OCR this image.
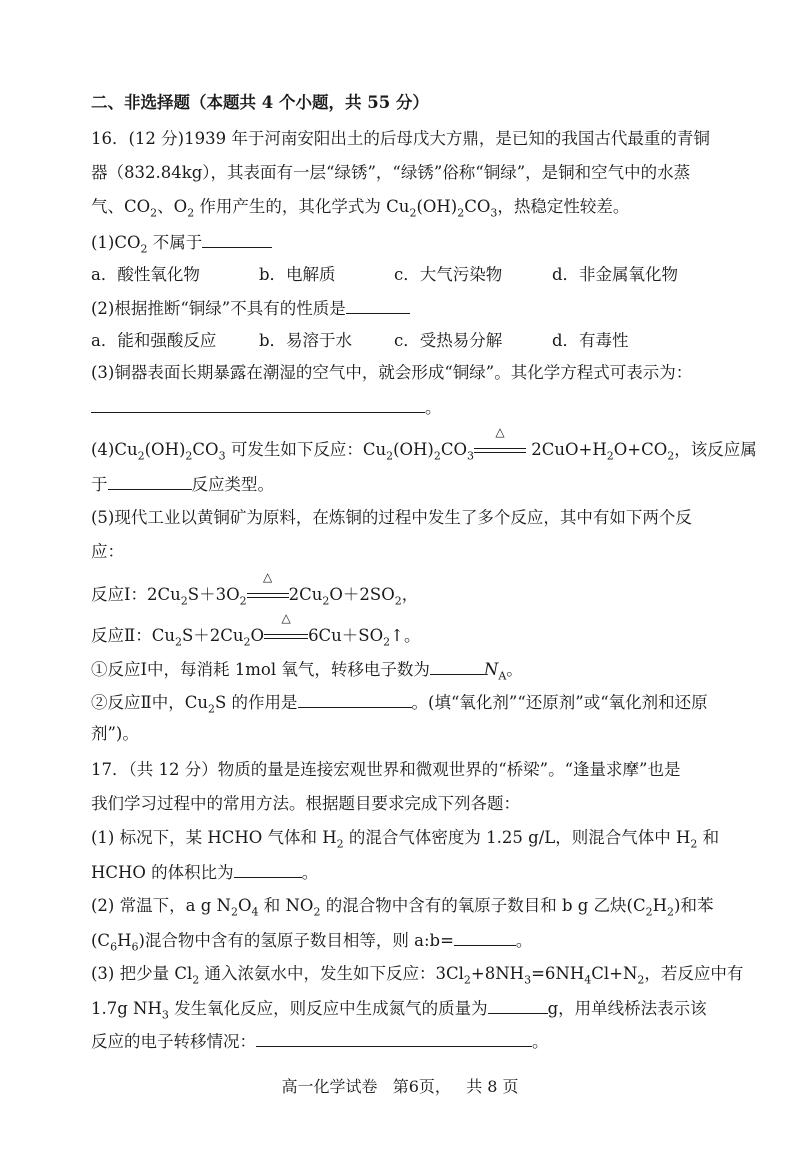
二、非选择题（本题共 4 个小题，共 55 分）
16．(12 分)1939 年于河南安阳出土的后母戊大方鼎，是已知的我国古代最重的青铜
器（832.84kg），其表面有一层“绿锈”，“绿锈”俗称“铜绿”，是铜和空气中的水蒸
气、$CO_2$、$O_2$ 作用产生的，其化学式为 $Cu_2(OH)_2CO_3$，热稳定性较差。
$(1)CO_2$ 不属于
a．酸性氧化物	b．电解质	c．大气污染物	d．非金属氧化物
(2)根据推断“铜绿”不具有的性质是
a．能和强酸反应	b．易溶于水	c．受热易分解	d．有毒性
(3)铜器表面长期暴露在潮湿的空气中，就会形成“铜绿”。其化学方程式可表示为：
。
$(4)Cu_2(OH)_2CO_3$ 可发生如下反应：$Cu_2(OH)_2CO_3$
△
$2CuO+H_2O+CO_2$，该反应属
于	反应类型。
(5)现代工业以黄铜矿为原料，在炼铜的过程中发生了多个反应，其中有如下两个反
应：
反应Ⅰ：$2Cu_2S+3O_2$
△
$2Cu_2O+2SO_2$，
反应Ⅱ：$Cu_2S+2Cu_2O$
△
$6Cu+SO_2↑$。
①反应Ⅰ中，每消耗 1mol 氧气，转移电子数为	$N_A$。
②反应Ⅱ中，$Cu_2S$ 的作用是	。(填“氧化剂”“还原剂”或“氧化剂和还原
剂”)。
17．（共 12 分）物质的量是连接宏观世界和微观世界的“桥梁”。“逢量求摩”也是
我们学习过程中的常用方法。根据题目要求完成下列各题：
(1) 标况下，某 HCHO 气体和 $H_2$ 的混合气体密度为 1.25 g/L，则混合气体中 $H_2$ 和
HCHO 的体积比为	。
(2) 常温下，a g $N_2O_4$ 和 $NO_2$ 的混合物中含有的氧原子数目和 b g 乙炔$(C_2H_2)$和苯
$(C_6H_6)$混合物中含有的氢原子数目相等，则 a:b=	。
(3) 把少量 $Cl_2$ 通入浓氨水中，发生如下反应：$3Cl_2+8NH_3=6NH_4Cl+N_2$，若反应中有
1.7g $NH_3$ 发生氧化反应，则反应中生成氮气的质量为	g，用单线桥法表示该
反应的电子转移情况：	。
高一化学试卷 第6页， 共 8 页
